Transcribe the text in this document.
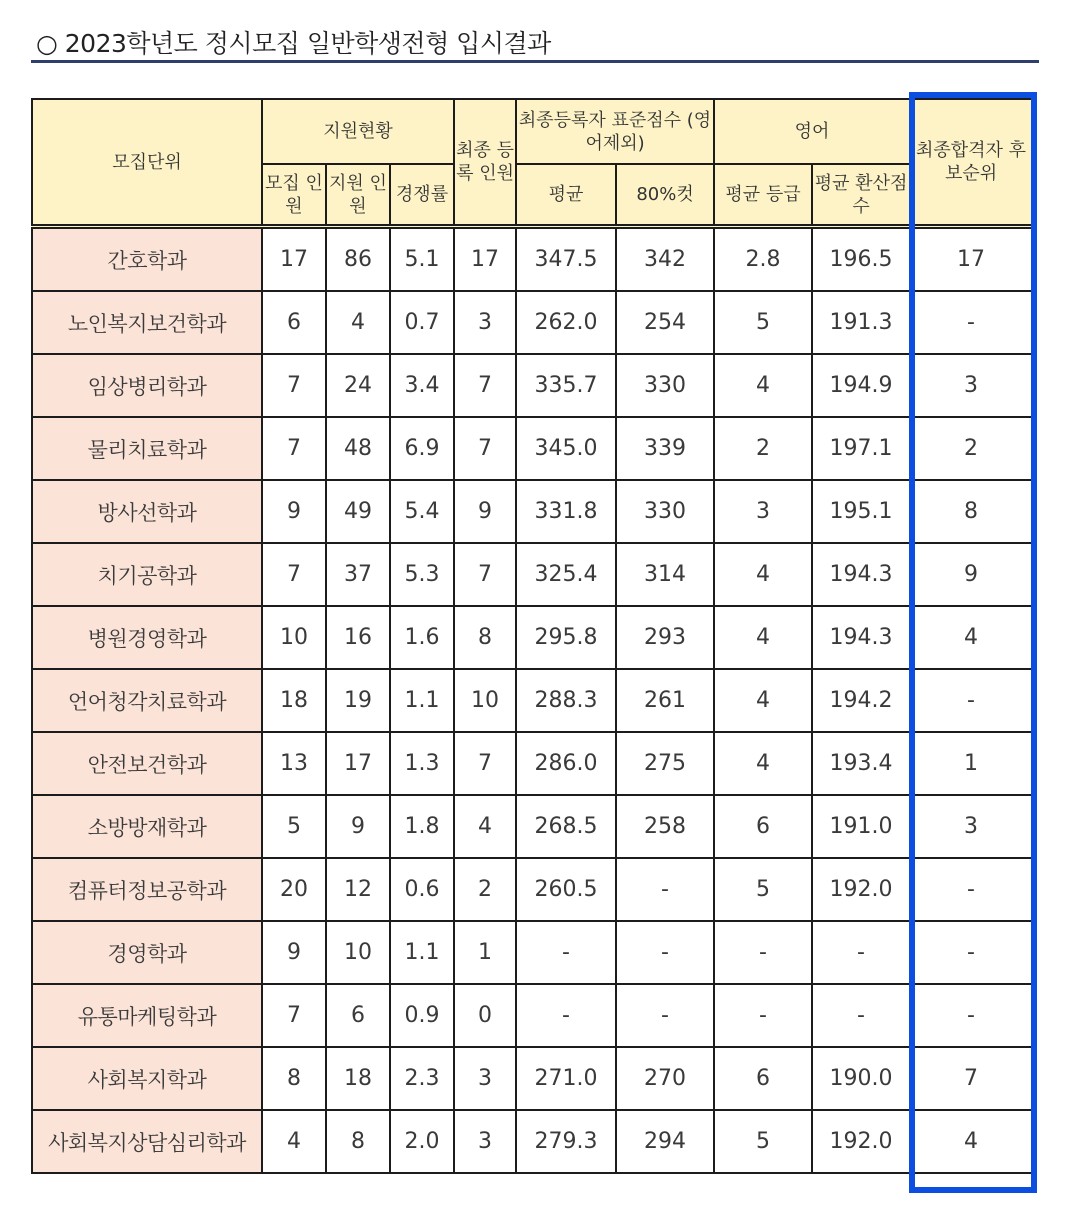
○ 2023학년도 정시모집 일반학생전형 입시결과
모집단위	지원현황			최종 등록 인원	최종등록자 표준점수 (영어제외)		영어		최종합격자 후보순위
	모집 인원	지원 인원	경쟁률		평균	80%컷	평균 등급	평균 환산점수	
간호학과	17	86	5.1	17	347.5	342	2.8	196.5	17
노인복지보건학과	6	4	0.7	3	262.0	254	5	191.3	-
임상병리학과	7	24	3.4	7	335.7	330	4	194.9	3
물리치료학과	7	48	6.9	7	345.0	339	2	197.1	2
방사선학과	9	49	5.4	9	331.8	330	3	195.1	8
치기공학과	7	37	5.3	7	325.4	314	4	194.3	9
병원경영학과	10	16	1.6	8	295.8	293	4	194.3	4
언어청각치료학과	18	19	1.1	10	288.3	261	4	194.2	-
안전보건학과	13	17	1.3	7	286.0	275	4	193.4	1
소방방재학과	5	9	1.8	4	268.5	258	6	191.0	3
컴퓨터정보공학과	20	12	0.6	2	260.5	-	5	192.0	-
경영학과	9	10	1.1	1	-	-	-	-	-
유통마케팅학과	7	6	0.9	0	-	-	-	-	-
사회복지학과	8	18	2.3	3	271.0	270	6	190.0	7
사회복지상담심리학과	4	8	2.0	3	279.3	294	5	192.0	4
